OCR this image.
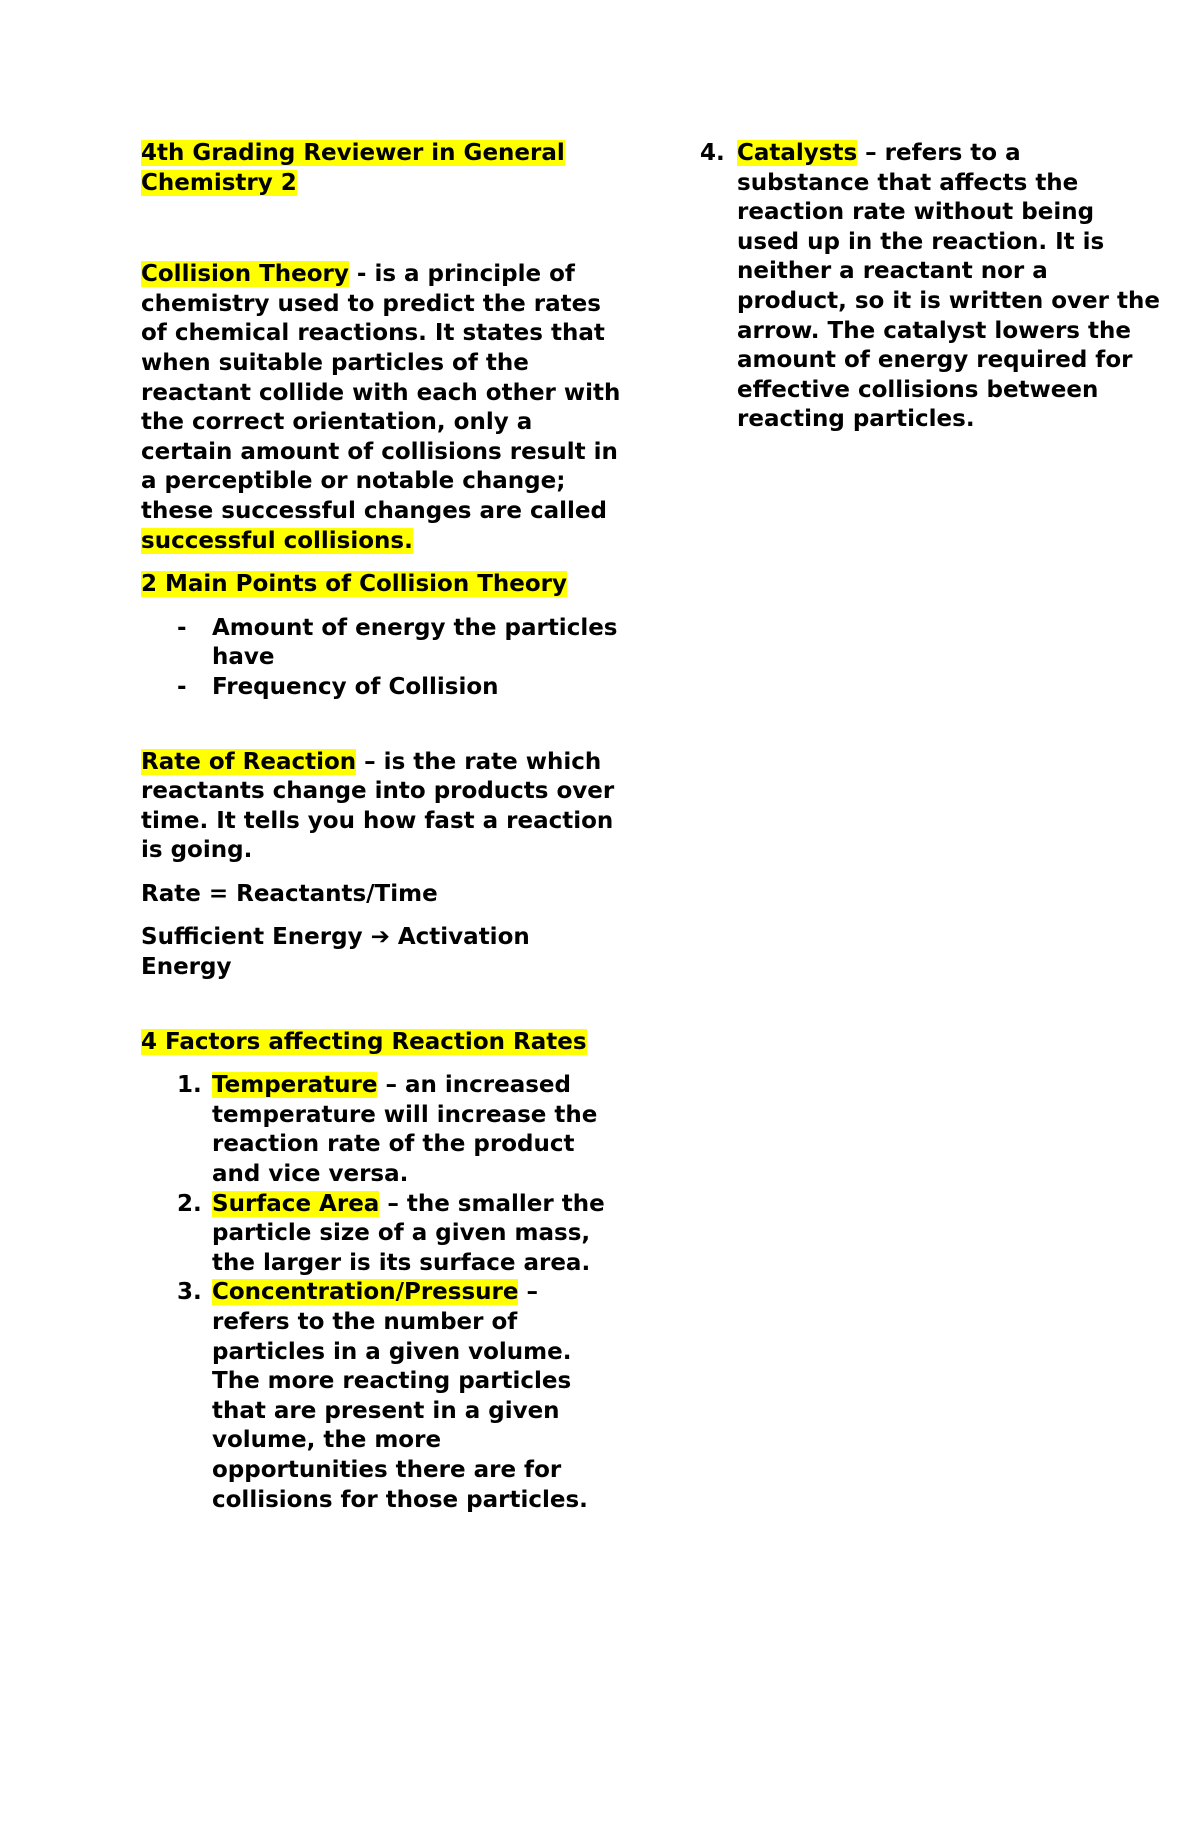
4th Grading Reviewer in General Chemistry 2

Collision Theory - is a principle of chemistry used to predict the rates of chemical reactions. It states that when suitable particles of the reactant collide with each other with the correct orientation, only a certain amount of collisions result in a perceptible or notable change; these successful changes are called successful collisions.

2 Main Points of Collision Theory

- Amount of energy the particles have
- Frequency of Collision

Rate of Reaction – is the rate which reactants change into products over time. It tells you how fast a reaction is going.

Rate = Reactants/Time

Sufficient Energy ➔ Activation Energy

4 Factors affecting Reaction Rates

1. Temperature – an increased temperature will increase the reaction rate of the product and vice versa.
2. Surface Area – the smaller the particle size of a given mass, the larger is its surface area.
3. Concentration/Pressure – refers to the number of particles in a given volume. The more reacting particles that are present in a given volume, the more opportunities there are for collisions for those particles.
4. Catalysts – refers to a substance that affects the reaction rate without being used up in the reaction. It is neither a reactant nor a product, so it is written over the arrow. The catalyst lowers the amount of energy required for effective collisions between reacting particles.
